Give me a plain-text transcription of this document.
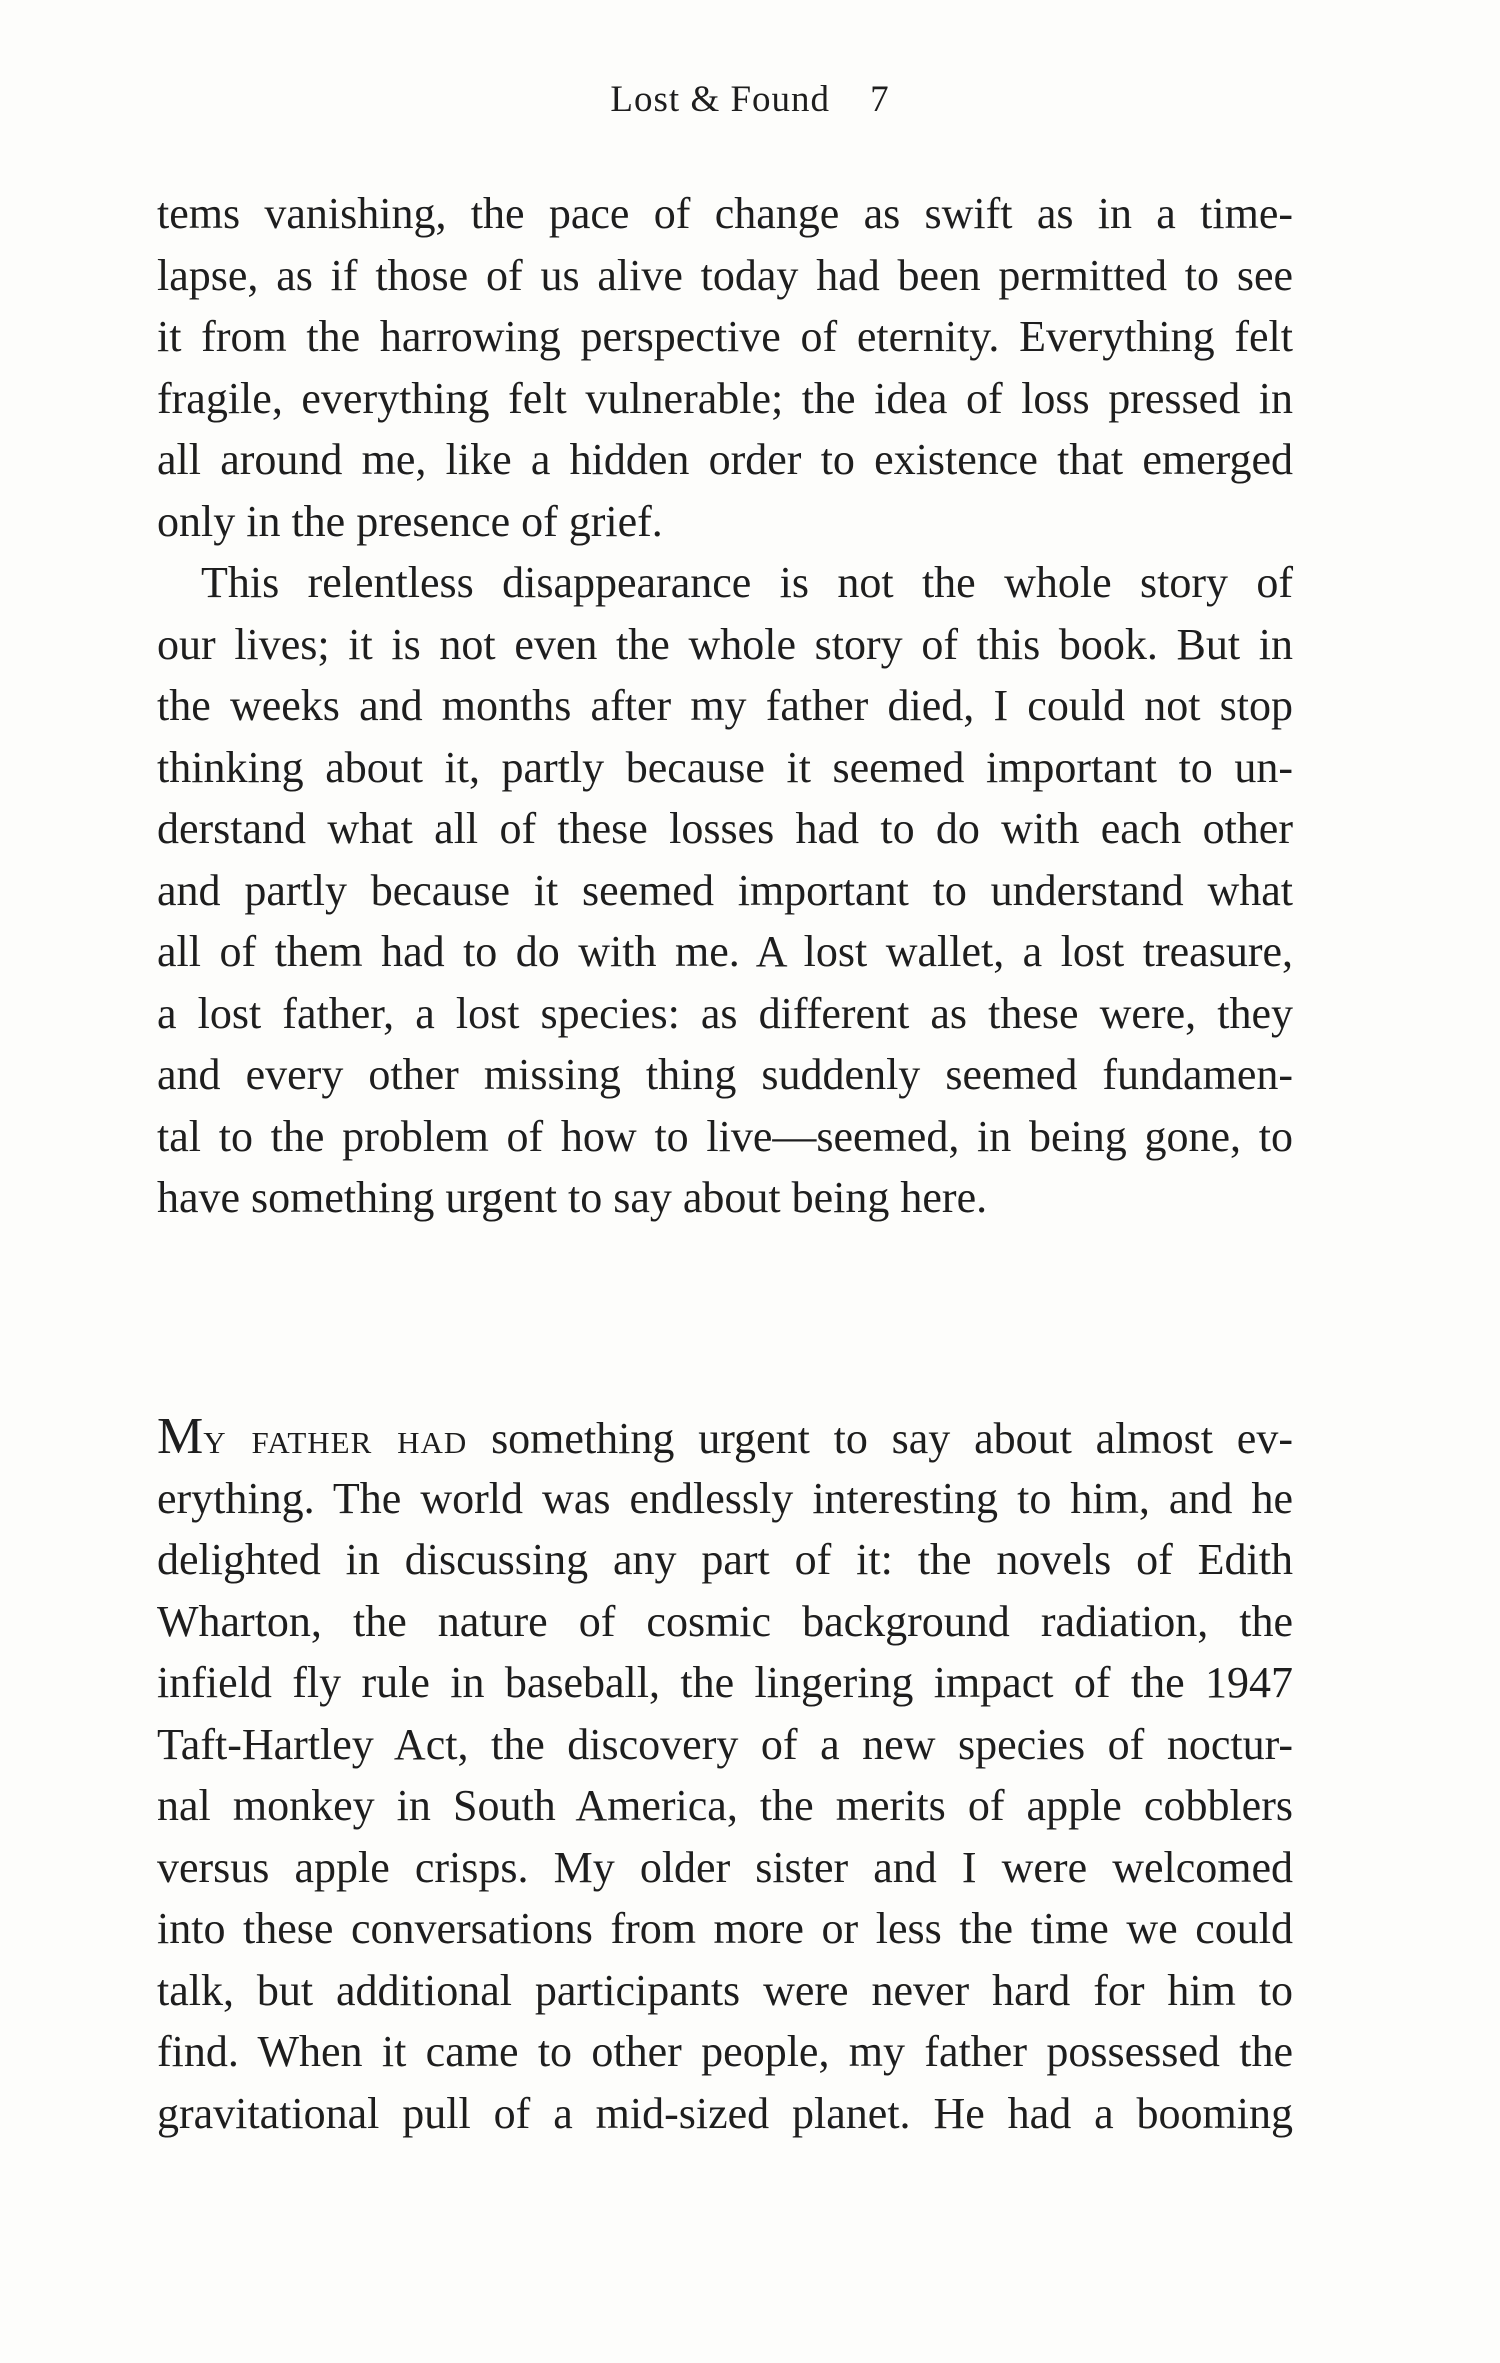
Lost & Found 7
tems vanishing, the pace of change as swift as in a time-
lapse, as if those of us alive today had been permitted to see
it from the harrowing perspective of eternity. Everything felt
fragile, everything felt vulnerable; the idea of loss pressed in
all around me, like a hidden order to existence that emerged
only in the presence of grief.
This relentless disappearance is not the whole story of
our lives; it is not even the whole story of this book. But in
the weeks and months after my father died, I could not stop
thinking about it, partly because it seemed important to un-
derstand what all of these losses had to do with each other
and partly because it seemed important to understand what
all of them had to do with me. A lost wallet, a lost treasure,
a lost father, a lost species: as different as these were, they
and every other missing thing suddenly seemed fundamen-
tal to the problem of how to live—seemed, in being gone, to
have something urgent to say about being here.
My father had something urgent to say about almost ev-
erything. The world was endlessly interesting to him, and he
delighted in discussing any part of it: the novels of Edith
Wharton, the nature of cosmic background radiation, the
infield fly rule in baseball, the lingering impact of the 1947
Taft-Hartley Act, the discovery of a new species of noctur-
nal monkey in South America, the merits of apple cobblers
versus apple crisps. My older sister and I were welcomed
into these conversations from more or less the time we could
talk, but additional participants were never hard for him to
find. When it came to other people, my father possessed the
gravitational pull of a mid-sized planet. He had a booming
